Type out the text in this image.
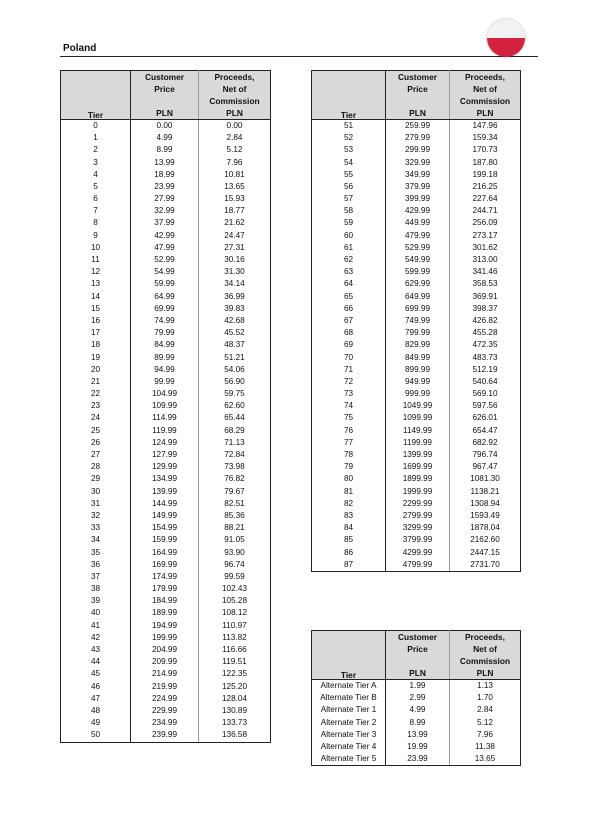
Poland
	Customer	Proceeds,
	Price	Net of
		Commission
Tier	PLN	PLN
0	0.00	0.00
1	4.99	2.84
2	8.99	5.12
3	13.99	7.96
4	18.99	10.81
5	23.99	13.65
6	27.99	15.93
7	32.99	18.77
8	37.99	21.62
9	42.99	24.47
10	47.99	27.31
11	52.99	30.16
12	54.99	31.30
13	59.99	34.14
14	64.99	36.99
15	69.99	39.83
16	74.99	42.68
17	79.99	45.52
18	84.99	48.37
19	89.99	51.21
20	94.99	54.06
21	99.99	56.90
22	104.99	59.75
23	109.99	62.60
24	114.99	65.44
25	119.99	68.29
26	124.99	71.13
27	127.99	72.84
28	129.99	73.98
29	134.99	76.82
30	139.99	79.67
31	144.99	82.51
32	149.99	85.36
33	154.99	88.21
34	159.99	91.05
35	164.99	93.90
36	169.99	96.74
37	174.99	99.59
38	179.99	102.43
39	184.99	105.28
40	189.99	108.12
41	194.99	110.97
42	199.99	113.82
43	204.99	116.66
44	209.99	119.51
45	214.99	122.35
46	219.99	125.20
47	224.99	128.04
48	229.99	130.89
49	234.99	133.73
50	239.99	136.58
	Customer	Proceeds,
	Price	Net of
		Commission
Tier	PLN	PLN
51	259.99	147.96
52	279.99	159.34
53	299.99	170.73
54	329.99	187.80
55	349.99	199.18
56	379.99	216.25
57	399.99	227.64
58	429.99	244.71
59	449.99	256.09
60	479.99	273.17
61	529.99	301.62
62	549.99	313.00
63	599.99	341.46
64	629.99	358.53
65	649.99	369.91
66	699.99	398.37
67	749.99	426.82
68	799.99	455.28
69	829.99	472.35
70	849.99	483.73
71	899.99	512.19
72	949.99	540.64
73	999.99	569.10
74	1049.99	597.56
75	1099.99	626.01
76	1149.99	654.47
77	1199.99	682.92
78	1399.99	796.74
79	1699.99	967.47
80	1899.99	1081.30
81	1999.99	1138.21
82	2299.99	1308.94
83	2799.99	1593.49
84	3299.99	1878.04
85	3799.99	2162.60
86	4299.99	2447.15
87	4799.99	2731.70
	Customer	Proceeds,
	Price	Net of
		Commission
Tier	PLN	PLN
Alternate Tier A	1.99	1.13
Alternate Tier B	2.99	1.70
Alternate Tier 1	4.99	2.84
Alternate Tier 2	8.99	5.12
Alternate Tier 3	13.99	7.96
Alternate Tier 4	19.99	11.38
Alternate Tier 5	23.99	13.65
